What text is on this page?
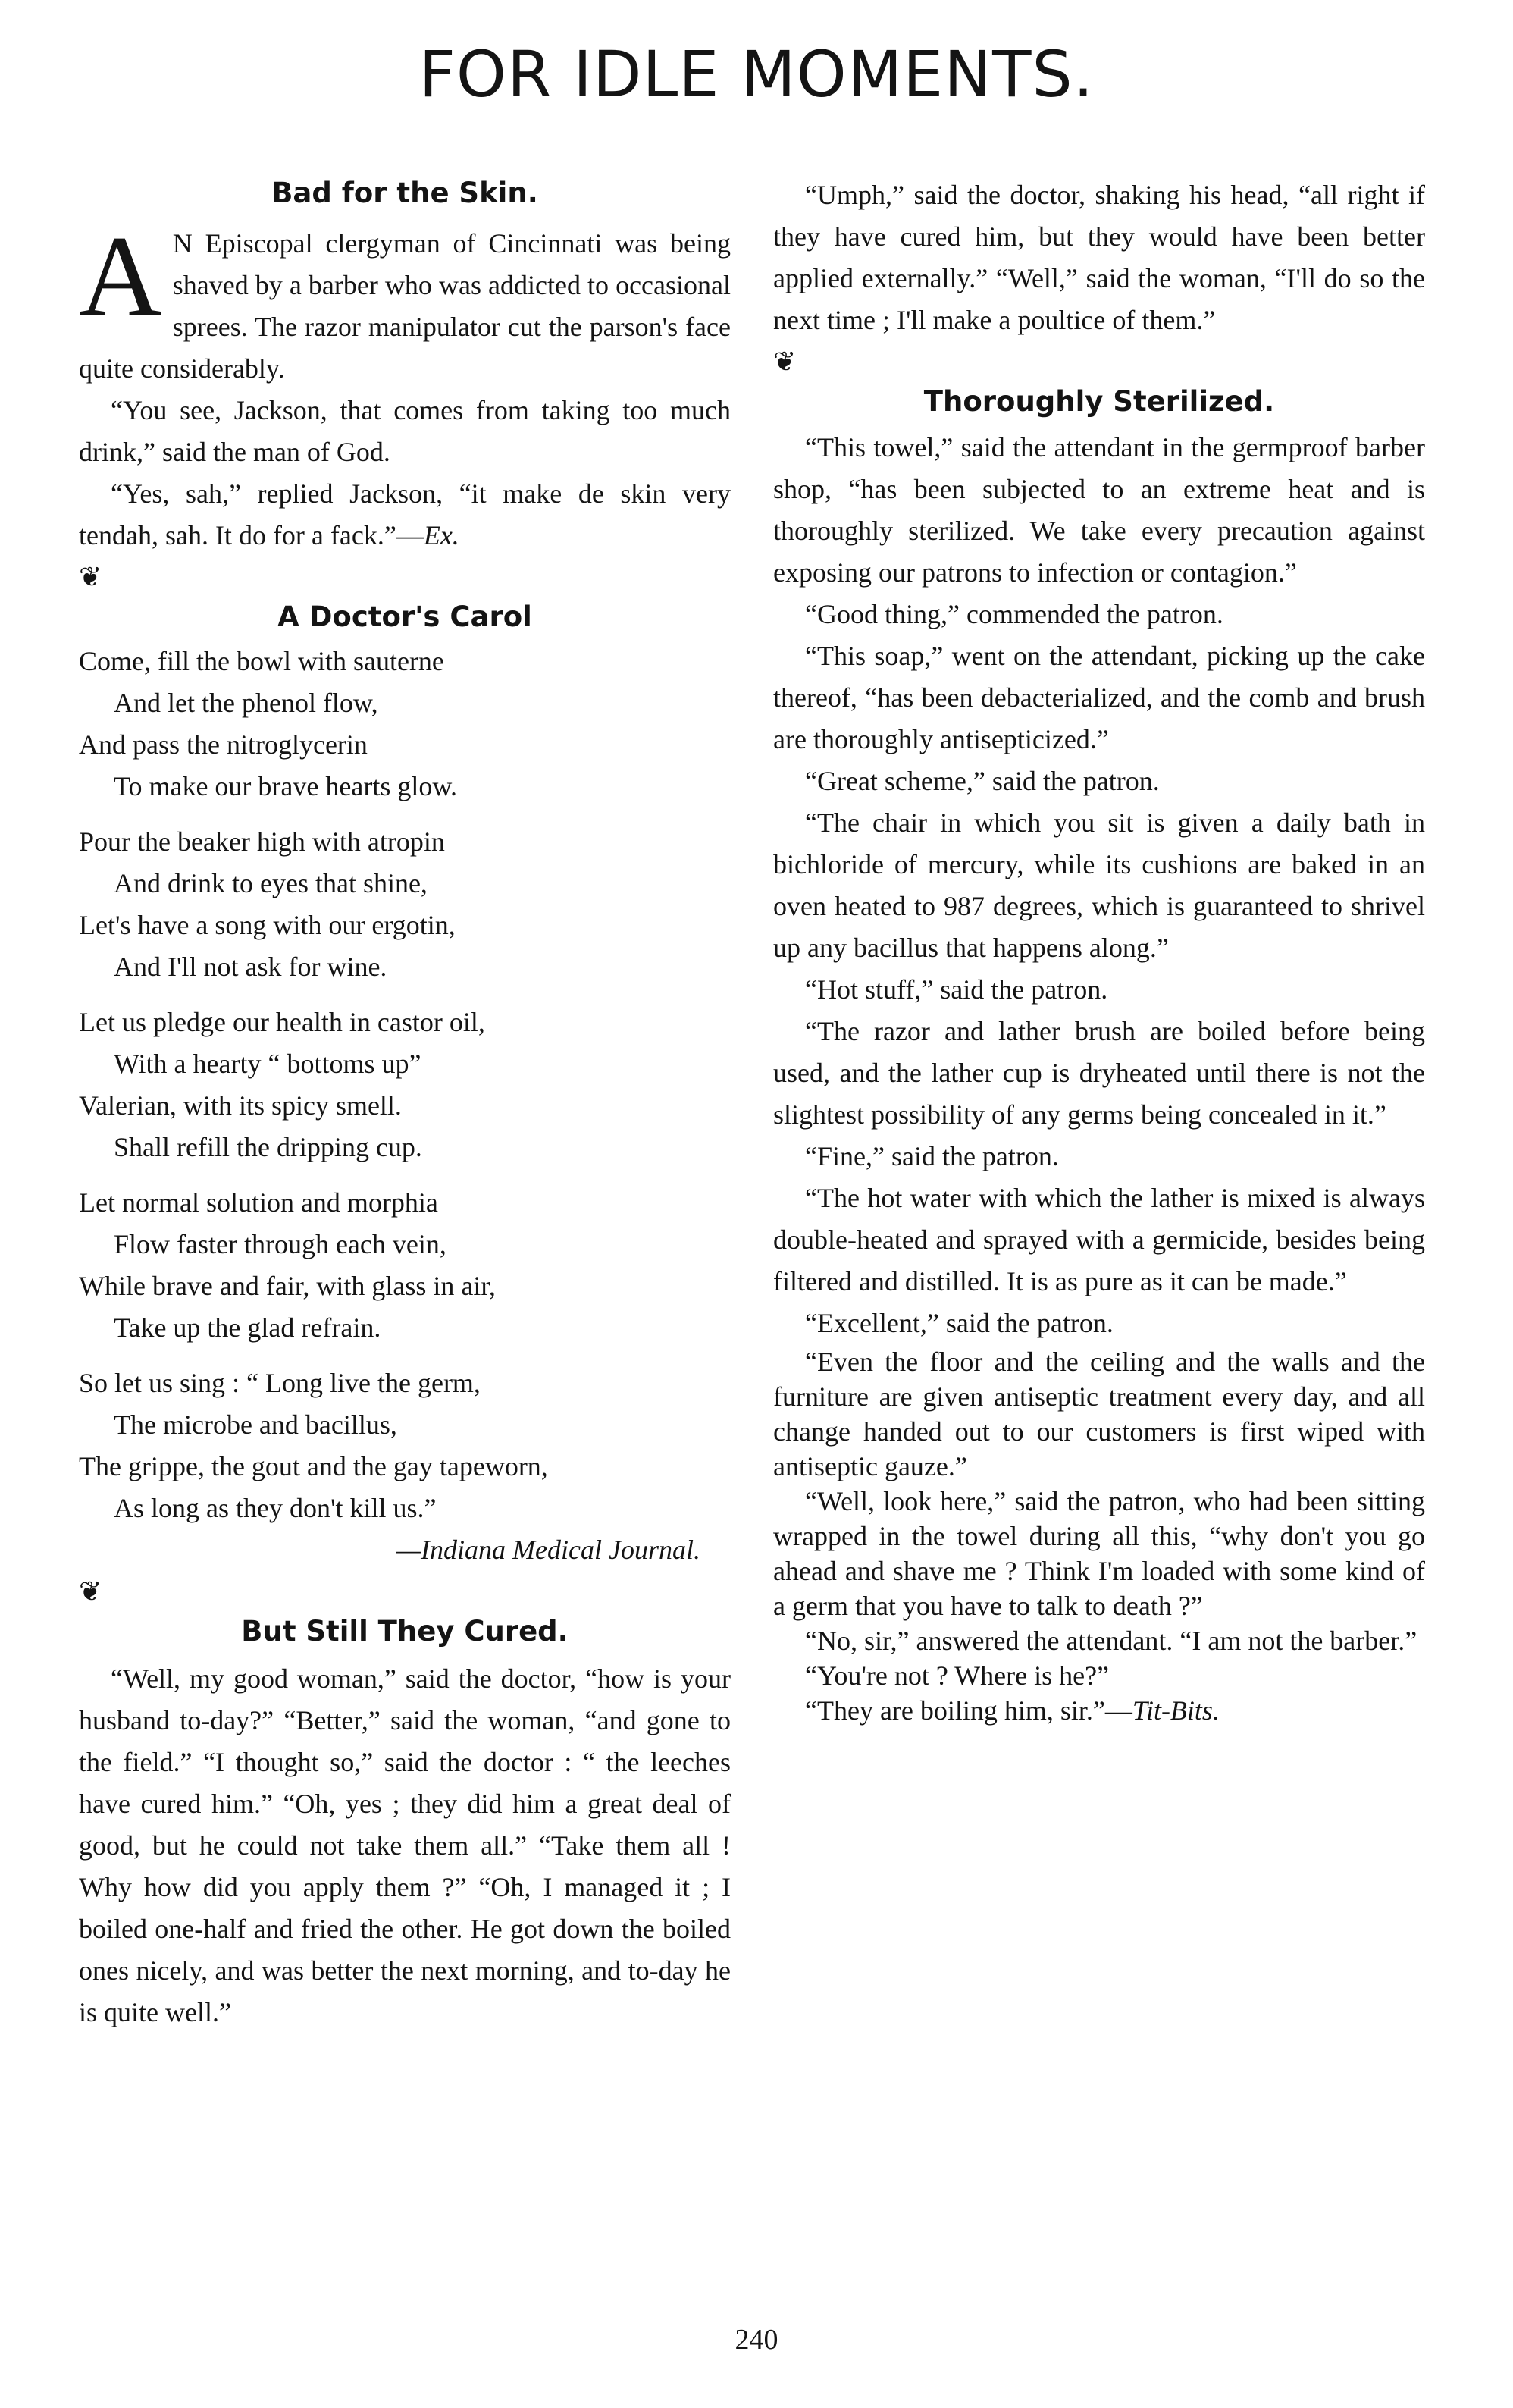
FOR IDLE MOMENTS.
Bad for the Skin.

A N Episcopal clergyman of Cincinnati was being shaved by a barber who was addicted to occasional sprees. The razor manipulator cut the parson's face quite considerably.

“You see, Jackson, that comes from taking too much drink,” said the man of God.

“Yes, sah,” replied Jackson, “it make de skin very tendah, sah. It do for a fack.”—Ex.

❦

A Doctor's Carol
Come, fill the bowl with sauterne
And let the phenol flow,
And pass the nitroglycerin
To make our brave hearts glow.
Pour the beaker high with atropin
And drink to eyes that shine,
Let's have a song with our ergotin,
And I'll not ask for wine.
Let us pledge our health in castor oil,
With a hearty “ bottoms up”
Valerian, with its spicy smell.
Shall refill the dripping cup.
Let normal solution and morphia
Flow faster through each vein,
While brave and fair, with glass in air,
Take up the glad refrain.
So let us sing : “ Long live the germ,
The microbe and bacillus,
The grippe, the gout and the gay tapeworn,
As long as they don't kill us.”
—Indiana Medical Journal.

❦

But Still They Cured.

“Well, my good woman,” said the doctor, “how is your husband to-day?” “Better,” said the woman, “and gone to the field.” “I thought so,” said the doctor : “ the leeches have cured him.” “Oh, yes ; they did him a great deal of good, but he could not take them all.” “Take them all ! Why how did you apply them ?” “Oh, I managed it ; I boiled one-half and fried the other. He got down the boiled ones nicely, and was better the next morning, and to-day he is quite well.”

“Umph,” said the doctor, shaking his head, “all right if they have cured him, but they would have been better applied externally.” “Well,” said the woman, “I'll do so the next time ; I'll make a poultice of them.”

❦

Thoroughly Sterilized.

“This towel,” said the attendant in the germproof barber shop, “has been subjected to an extreme heat and is thoroughly sterilized. We take every precaution against exposing our patrons to infection or contagion.”

“Good thing,” commended the patron.

“This soap,” went on the attendant, picking up the cake thereof, “has been debacterialized, and the comb and brush are thoroughly antisepticized.”

“Great scheme,” said the patron.

“The chair in which you sit is given a daily bath in bichloride of mercury, while its cushions are baked in an oven heated to 987 degrees, which is guaranteed to shrivel up any bacillus that happens along.”

“Hot stuff,” said the patron.

“The razor and lather brush are boiled before being used, and the lather cup is dryheated until there is not the slightest possibility of any germs being concealed in it.”

“Fine,” said the patron.

“The hot water with which the lather is mixed is always double-heated and sprayed with a germicide, besides being filtered and distilled. It is as pure as it can be made.”

“Excellent,” said the patron.

“Even the floor and the ceiling and the walls and the furniture are given antiseptic treatment every day, and all change handed out to our customers is first wiped with antiseptic gauze.”

“Well, look here,” said the patron, who had been sitting wrapped in the towel during all this, “why don't you go ahead and shave me ? Think I'm loaded with some kind of a germ that you have to talk to death ?”

“No, sir,” answered the attendant. “I am not the barber.”

“You're not ? Where is he?”

“They are boiling him, sir.”—Tit-Bits.

240
